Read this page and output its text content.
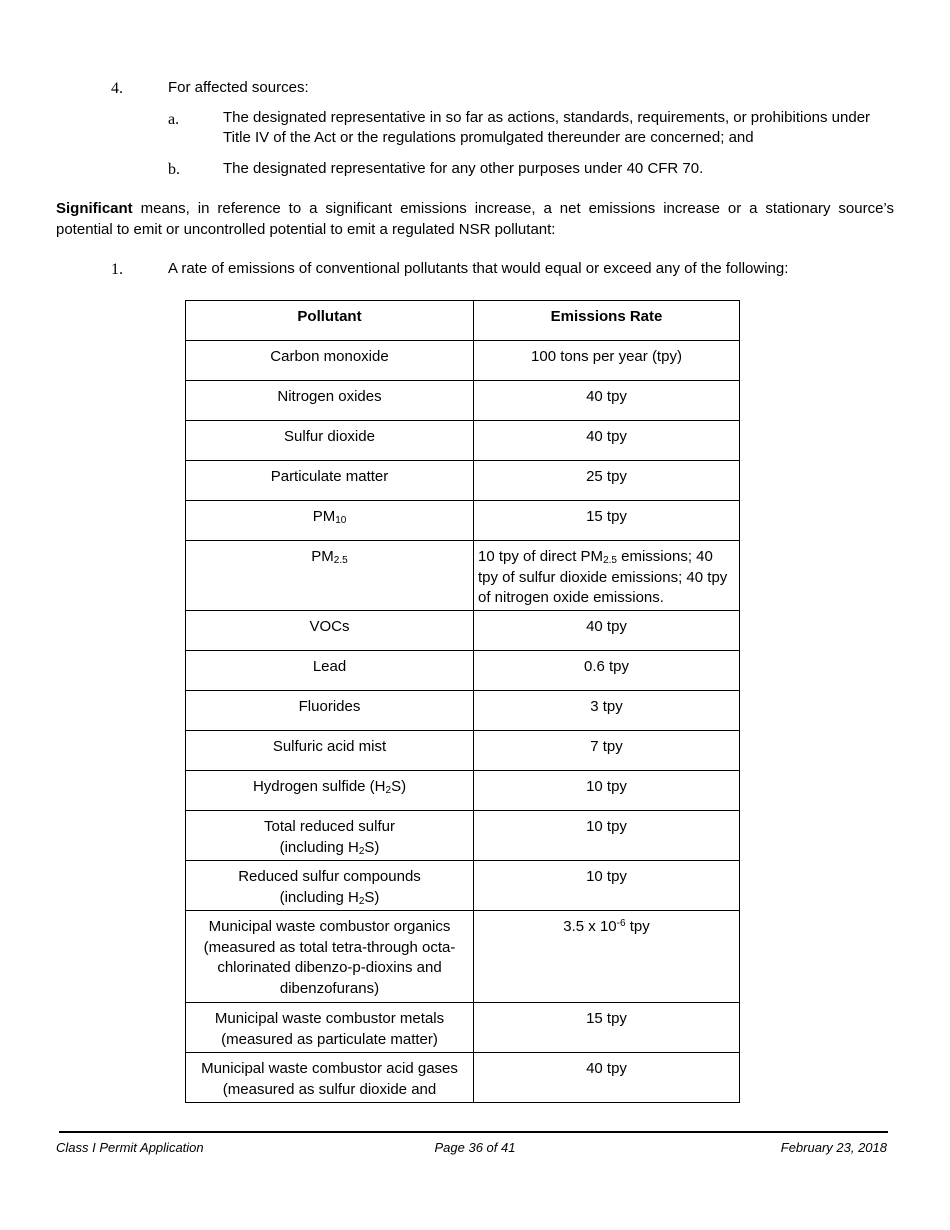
4.	For affected sources:
a.	The designated representative in so far as actions, standards, requirements, or prohibitions under
Title IV of the Act or the regulations promulgated thereunder are concerned; and
b.	The designated representative for any other purposes under 40 CFR 70.
Significant means, in reference to a significant emissions increase, a net emissions increase or a stationary source’s potential to emit or uncontrolled potential to emit a regulated NSR pollutant:
1.	A rate of emissions of conventional pollutants that would equal or exceed any of the following:
Pollutant	Emissions Rate
Carbon monoxide	100 tons per year (tpy)
Nitrogen oxides	40 tpy
Sulfur dioxide	40 tpy
Particulate matter	25 tpy
$PM_{10}$	15 tpy
$PM_{2.5}$	10 tpy of direct $PM_{2.5}$ emissions; 40 tpy of sulfur dioxide emissions; 40 tpy of nitrogen oxide emissions.
VOCs	40 tpy
Lead	0.6 tpy
Fluorides	3 tpy
Sulfuric acid mist	7 tpy
Hydrogen sulfide $(H_2S)$	10 tpy

Total reduced sulfur
(including $H_2S$)	10 tpy

Reduced sulfur compounds
(including $H_2S$)	10 tpy
Municipal waste combustor organics (measured as total tetra-through octa-chlorinated dibenzo-p-dioxins and dibenzofurans)	3.5 x $10^{-6}$ tpy
Municipal waste combustor metals (measured as particulate matter)	15 tpy
Municipal waste combustor acid gases (measured as sulfur dioxide and	40 tpy
Class I Permit Application	Page 36 of 41	February 23, 2018
